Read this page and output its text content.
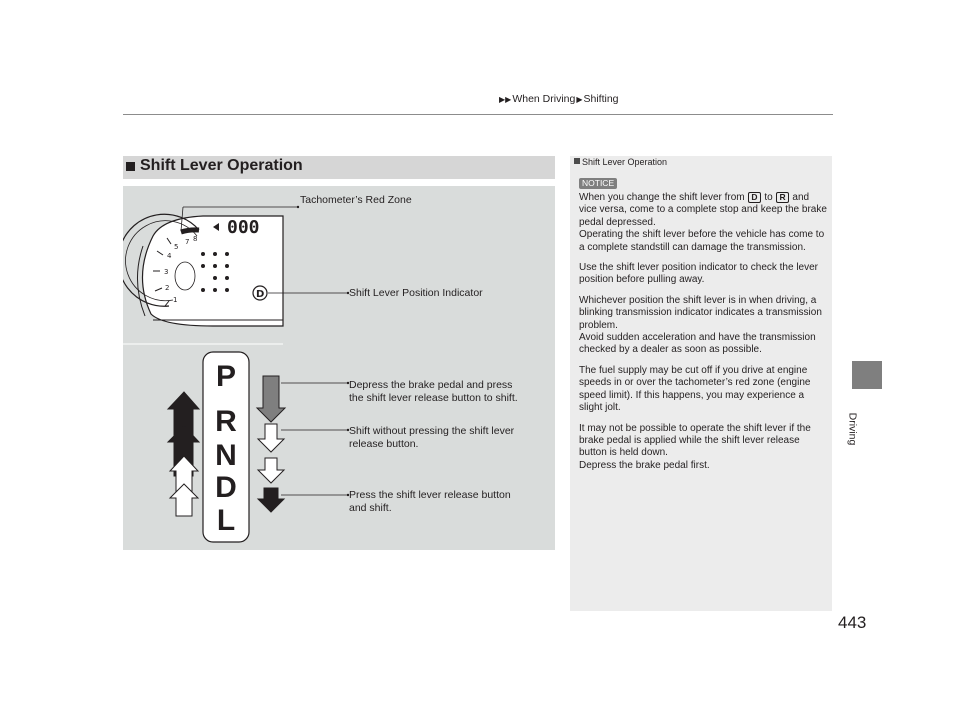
▶▶When Driving▶Shifting
Driving
Shift Lever Operation
3
4
5
2
1
7 8
000
D
P
R
N
D
L
Tachometer’s Red Zone
Shift Lever Position Indicator
Depress the brake pedal and press
the shift lever release button to shift.
Shift without pressing the shift lever
release button.
Press the shift lever release button
and shift.
Shift Lever Operation
NOTICE

When you change the shift lever from D to R and vice versa, come to a complete stop and keep the brake pedal depressed.

Operating the shift lever before the vehicle has come to a complete standstill can damage the transmission.

Use the shift lever position indicator to check the lever position before pulling away.

Whichever position the shift lever is in when driving, a blinking transmission indicator indicates a transmission problem.

Avoid sudden acceleration and have the transmission checked by a dealer as soon as possible.

The fuel supply may be cut off if you drive at engine speeds in or over the tachometer’s red zone (engine speed limit). If this happens, you may experience a slight jolt.

It may not be possible to operate the shift lever if the brake pedal is applied while the shift lever release button is held down.

Depress the brake pedal first.

443
